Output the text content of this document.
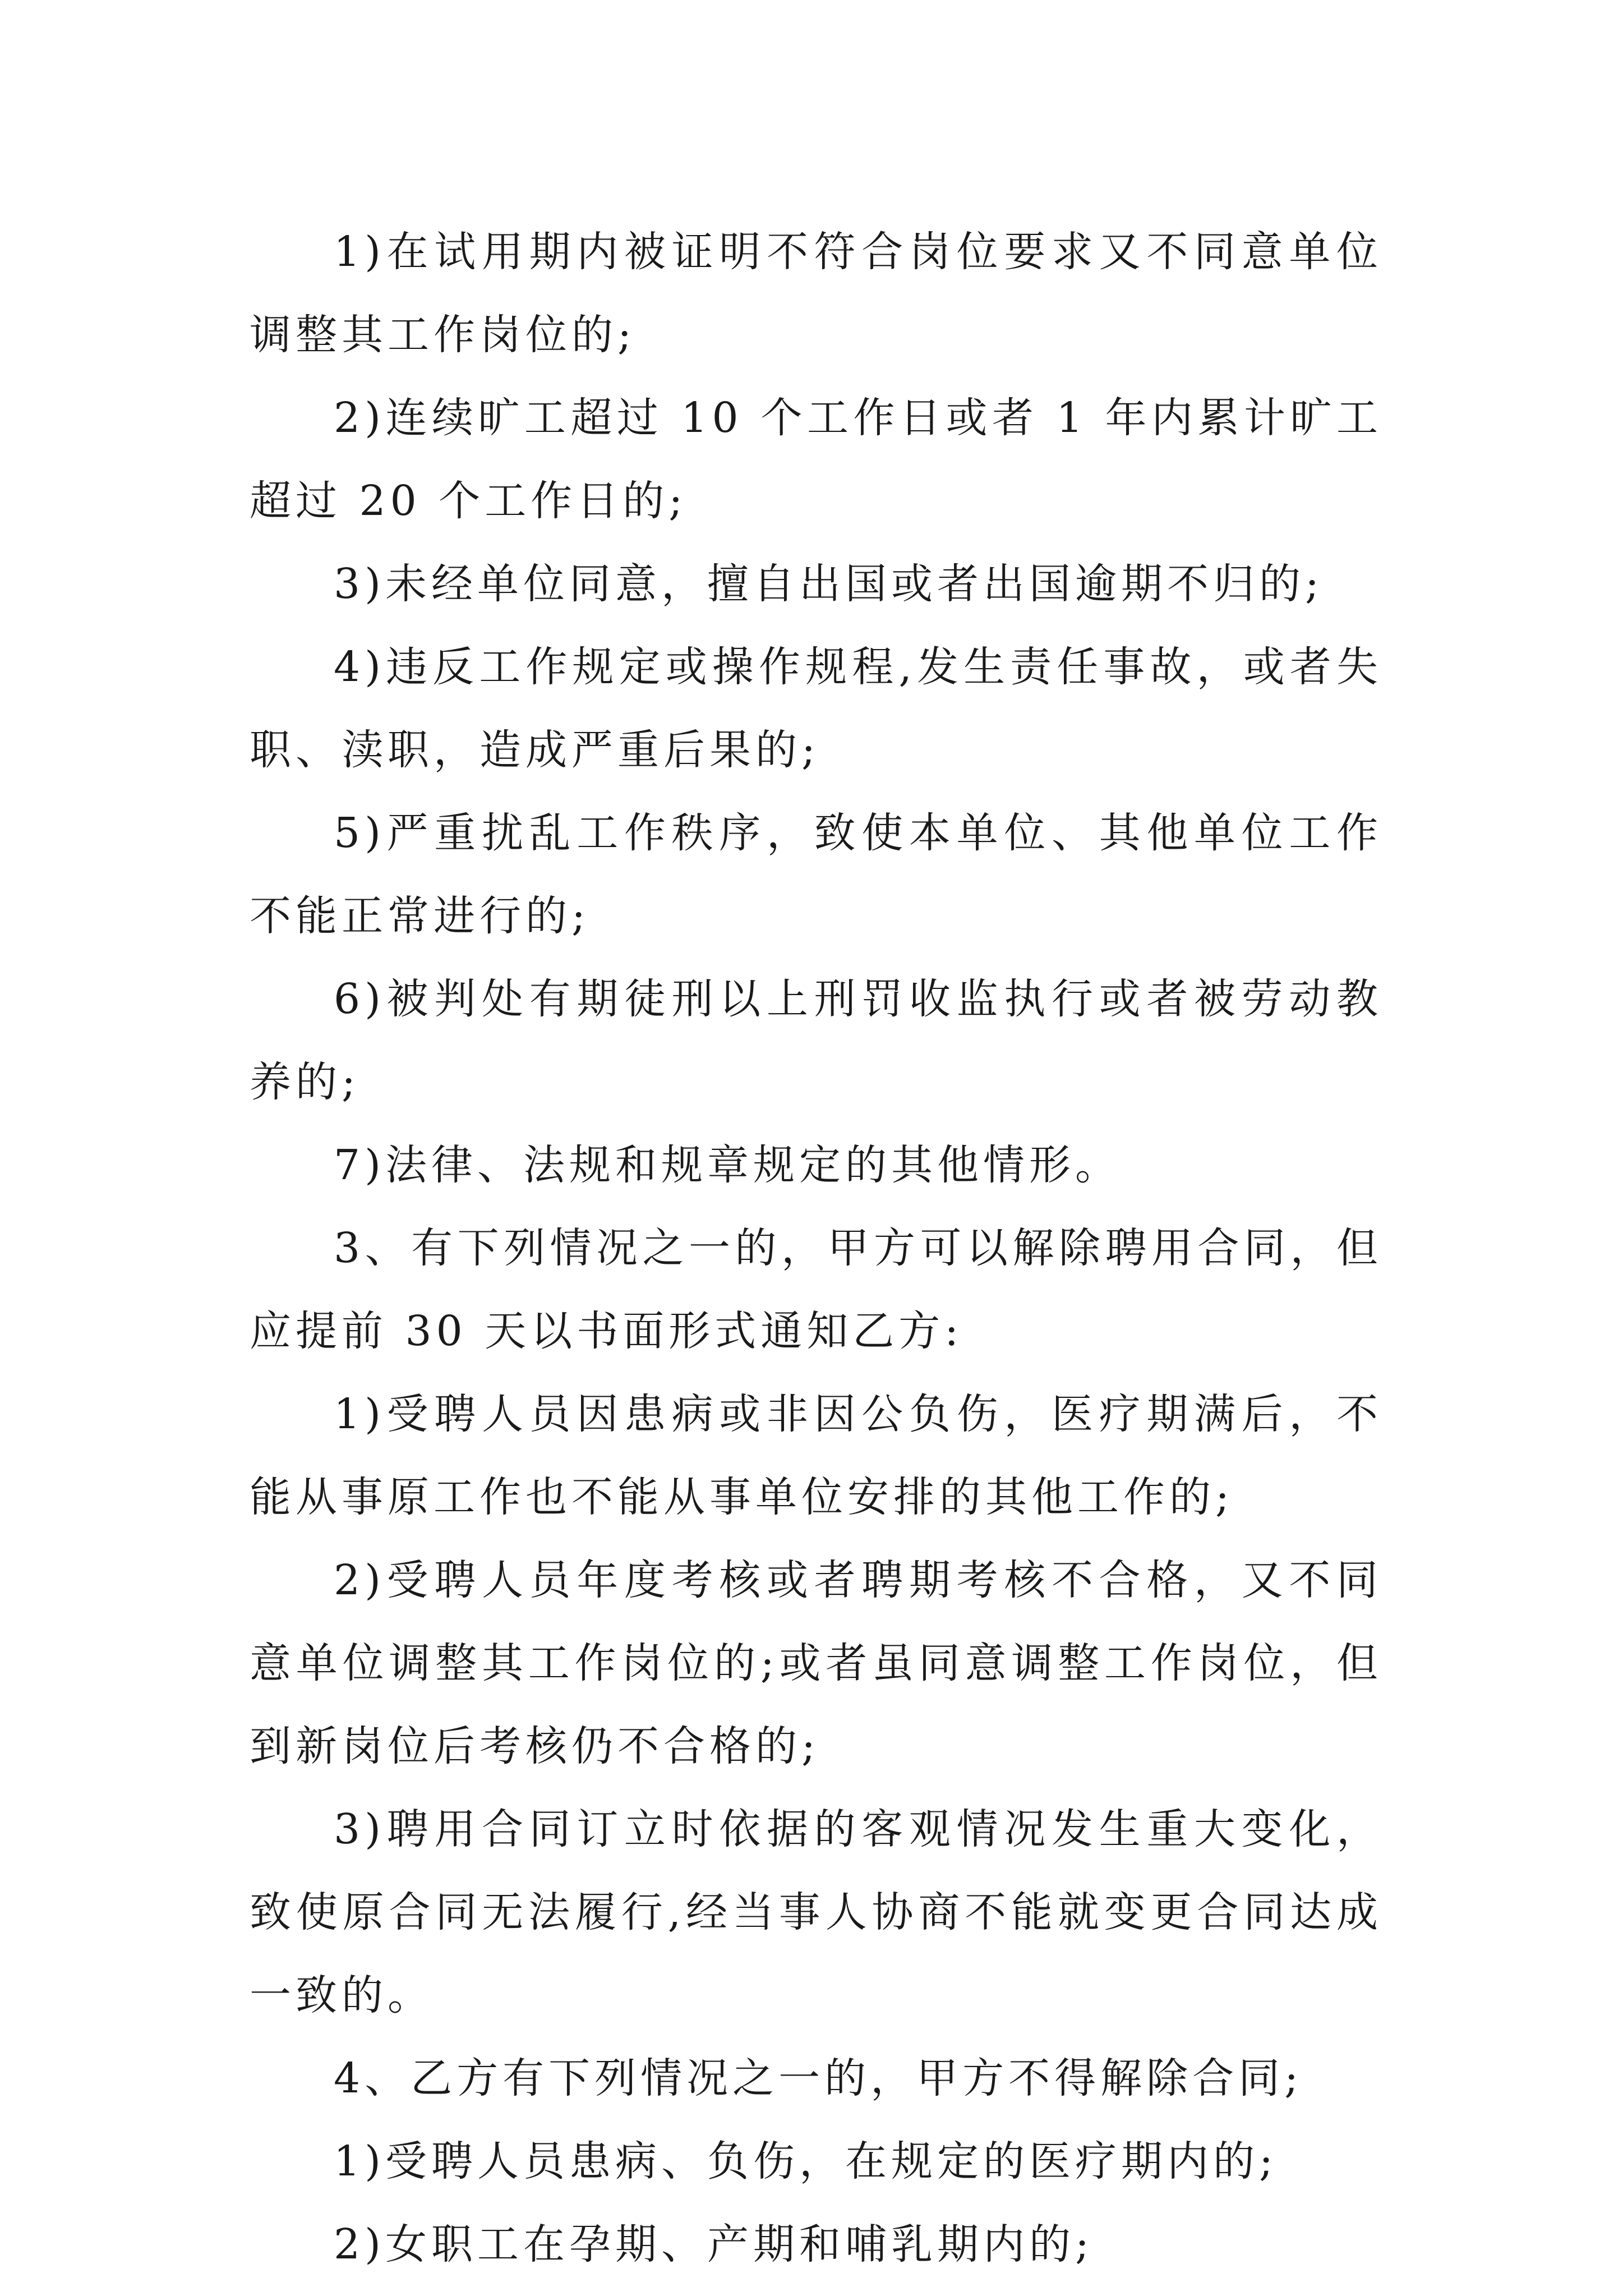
1)在试用期内被证明不符合岗位要求又不同意单位调整其工作岗位的;

2)连续旷工超过 10 个工作日或者 1 年内累计旷工超过 20 个工作日的;

3)未经单位同意，擅自出国或者出国逾期不归的;

4)违反工作规定或操作规程,发生责任事故，或者失职、渎职，造成严重后果的;

5)严重扰乱工作秩序，致使本单位、其他单位工作不能正常进行的;

6)被判处有期徒刑以上刑罚收监执行或者被劳动教养的;

7)法律、法规和规章规定的其他情形。

3、有下列情况之一的，甲方可以解除聘用合同，但应提前 30 天以书面形式通知乙方:

1)受聘人员因患病或非因公负伤，医疗期满后，不能从事原工作也不能从事单位安排的其他工作的;

2)受聘人员年度考核或者聘期考核不合格，又不同意单位调整其工作岗位的;或者虽同意调整工作岗位，但到新岗位后考核仍不合格的;

3)聘用合同订立时依据的客观情况发生重大变化，致使原合同无法履行,经当事人协商不能就变更合同达成一致的。

4、乙方有下列情况之一的，甲方不得解除合同;

1)受聘人员患病、负伤，在规定的医疗期内的;

2)女职工在孕期、产期和哺乳期内的;
